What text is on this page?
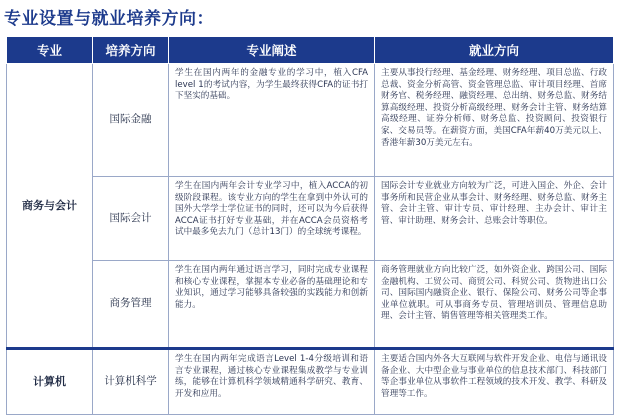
专业设置与就业培养方向：
专业	培养方向	专业阐述	就业方向
商务与会计	国际金融	学生在国内两年的金融专业的学习中，植入CFA level 1的考试内容，为学生最终获得CFA的证书打下坚实的基础。	主要从事投行经理、基金经理、财务经理、项目总监、行政总裁、资金分析高管、资金管理总监、审计项目经理、首席财务官、税务经理、融资经理、总出纳、财务总监、财务结算高级经理、投资分析高级经理、财务会计主管、财务结算高级经理、证券分析师、财务总监、投资顾问、投资银行家、交易员等。在薪资方面，美国CFA年薪40万美元以上、香港年薪30万美元左右。
	国际会计	学生在国内两年会计专业学习中，植入ACCA的初级阶段课程。该专业方向的学生在拿到中外认可的国外大学学士学位证书的同时，还可以为今后获得ACCA证书打好专业基础，并在ACCA会员资格考试中最多免去九门（总计13门）的全球统考课程。	国际会计专业就业方向较为广泛，可进入国企、外企、会计事务所和民营企业从事会计、财务经理、财务总监、财务主管、会计主管、审计专员、审计经理、主办会计、审计主管、审计助理、财务会计、总账会计等职位。
	商务管理	学生在国内两年通过语言学习，同时完成专业课程和核心专业课程，掌握本专业必备的基础理论和专业知识，通过学习能够具备较强的实践能力和创新能力。	商务管理就业方向比较广泛，如外资企业、跨国公司、国际金融机构、工贸公司、商贸公司、科贸公司、货物进出口公司、国际国内融资企业、银行、保险公司、财务公司等企事业单位就职。可从事商务专员、管理培训员、管理信息助理、会计主管、销售管理等相关管理类工作。
计算机	计算机科学	学生在国内两年完成语言Level 1-4分级培训和语言专业课程，通过核心专业课程集成教学与专业训练，能够在计算机科学领域精通科学研究、教育、开发和应用。	主要适合国内外各大互联网与软件开发企业、电信与通讯设备企业、大中型企业与事业单位的信息技术部门、科技部门等企事业单位从事软件工程领域的技术开发、教学、科研及管理等工作。
